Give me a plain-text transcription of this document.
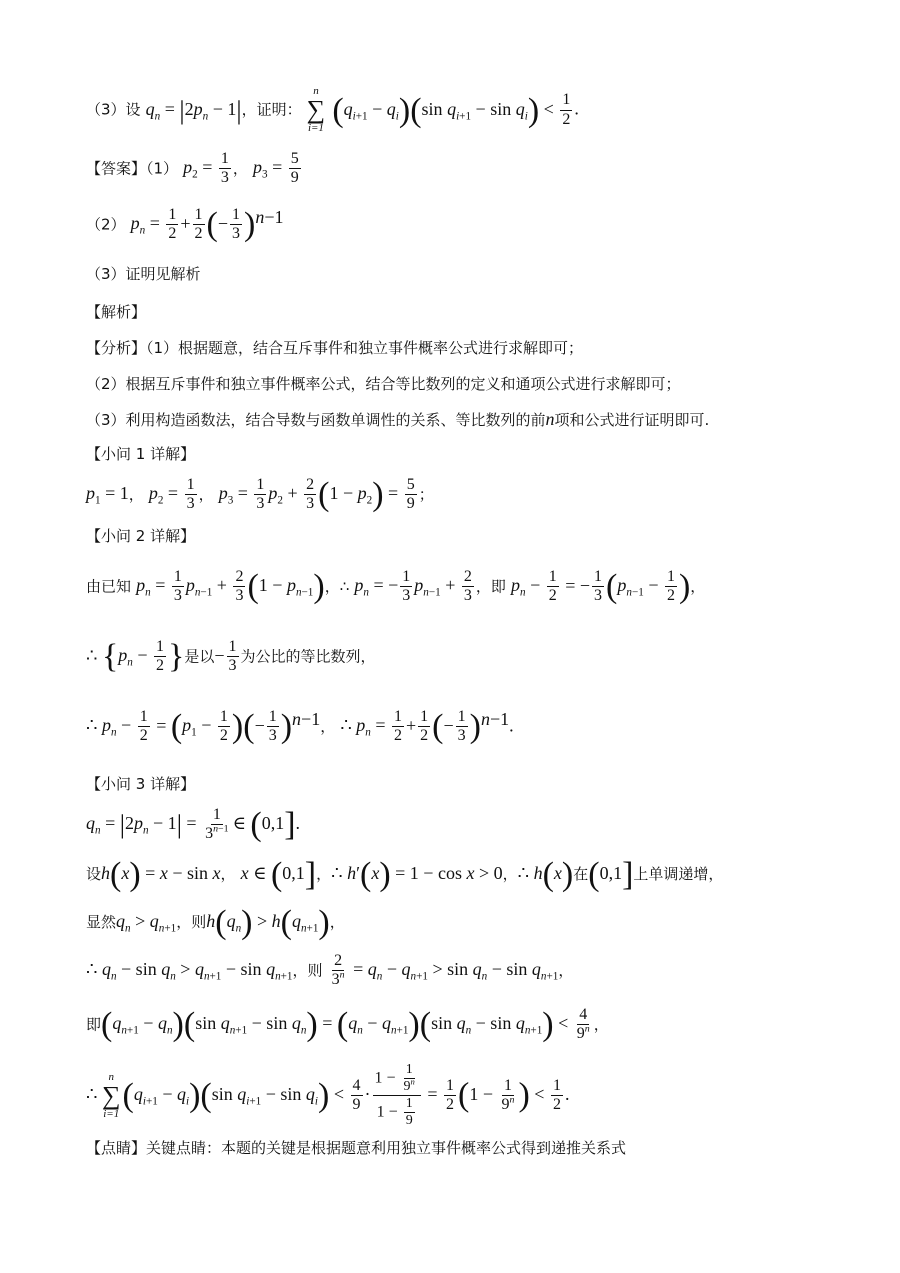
（3）设 $q_n = |2p_n - 1|$，证明：
n
∑
i=1 $(q_{i+1} - q_i)(\sin$ $q_{i+1} - \sin q_i) < \frac{1}{2}$ .
【答案】（1） $p_2 = \frac{1}{3}$ ， $p_3 = \frac{5}{9}$
（2） $p_n = \frac{1}{2} + \frac{1}{2}$ (− $\frac{1}{3} )^{n-1}$
（3）证明见解析
【解析】
【分析】（1）根据题意，结合互斥事件和独立事件概率公式进行求解即可；
（2）根据互斥事件和独立事件概率公式，结合等比数列的定义和通项公式进行求解即可；
（3）利用构造函数法，结合导数与函数单调性的关系、等比数列的前n项和公式进行证明即可.
【小问 1 详解】
$p_1 = 1$， $p_2 = \frac{1}{3}$ ， $p_3 = \frac{1}{3} p_2 + \frac{2}{3} (1 - p_2) = \frac{5}{9}$ ；
【小问 2 详解】
由已知 $p_n = \frac{1}{3} p_{n-1} + \frac{2}{3} (1 - p_{n-1})$，∴ $p_n$ = − $\frac{1}{3} p_{n-1} + \frac{2}{3}$ ，即 $p_n - \frac{1}{2}$ = − $\frac{1}{3} (p_{n-1} - \frac{1}{2}$ )，
∴ {$p_n - \frac{1}{2}$ }是以− $\frac{1}{3}$ 为公比的等比数列，
∴ $p_n - \frac{1}{2} = (p_1 - \frac{1}{2}$ )(− $\frac{1}{3} )^{n-1}$， ∴ $p_n = \frac{1}{2} + \frac{1}{2}$ (− $\frac{1}{3} )^{n-1}$.
【小问 3 详解】
$q_n = |2p_n - 1| = \frac{1}{3^{n-1}}$ ∈ (0,1].
设h(x) = x − sin x， x ∈ (0,1]，∴ h′(x) = 1 − cos x > 0，∴ h(x)在(0,1]上单调递增，
显然$q_n > q_{n+1}$，则$h(q_n) > h(q_{n+1})$，
∴ $q_n - \sin q_n > q_{n+1} - \sin q_{n+1}$，则 $\frac{2}{3^n} = q_n - q_{n+1} > \sin q_n - \sin q_{n+1}$，
即$(q_{n+1} - q_n)(\sin$ $q_{n+1} - \sin q_n) = (q_n - q_{n+1})(\sin$ $q_n - \sin q_{n+1}) < \frac{4}{9^n}$ ，
∴
n
∑
i=1 $(q_{i+1} - q_i)(\sin$ $q_{i+1} - \sin q_i) < \frac{4}{9} \cdot \frac{1 - \frac{1}{9^n}}{1 - \frac{1}{9}} = \frac{1}{2} (1 - \frac{1}{9^n}$ ) < $\frac{1}{2}$ .
【点睛】关键点睛：本题的关键是根据题意利用独立事件概率公式得到递推关系式
